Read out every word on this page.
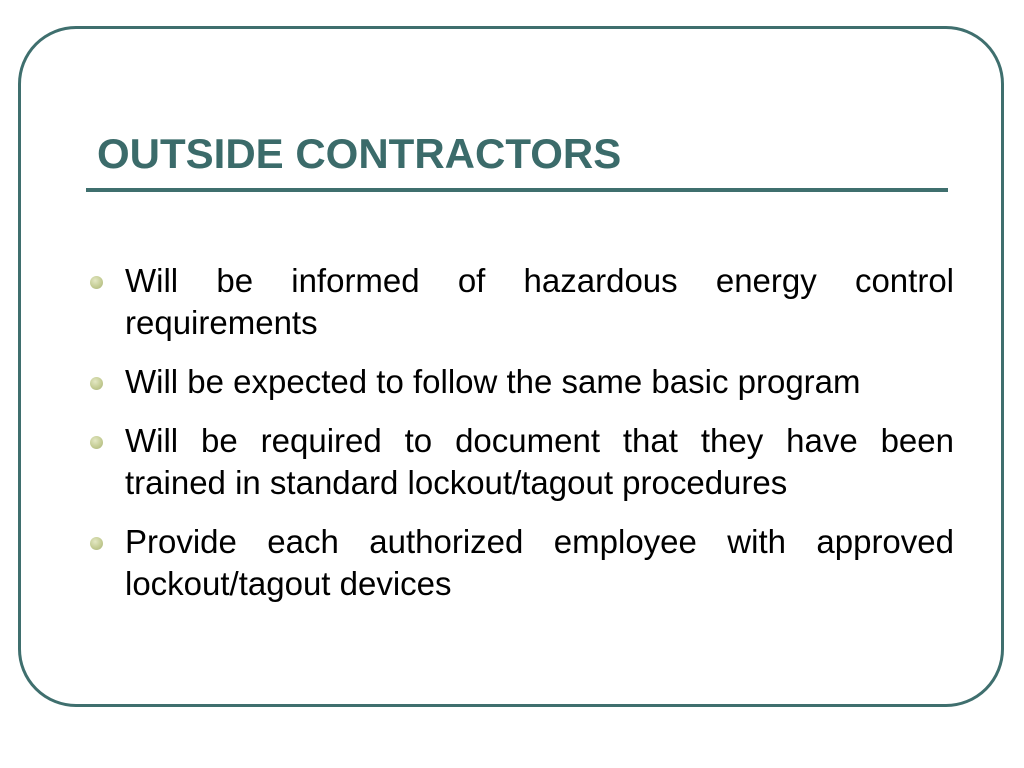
OUTSIDE CONTRACTORS
Will be informed of hazardous energy control requirements
Will be expected to follow the same basic program
Will be required to document that they have been trained in standard lockout/tagout procedures
Provide each authorized employee with approved lockout/tagout devices
